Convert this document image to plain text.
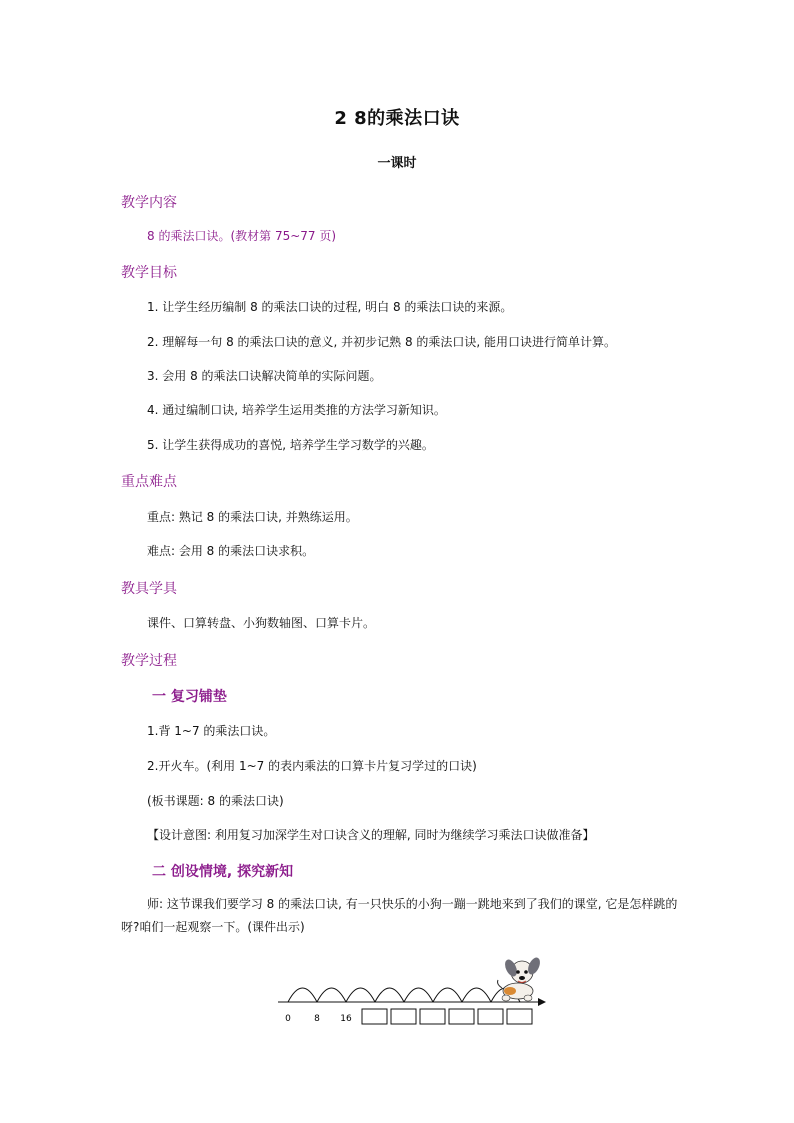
2 8的乘法口诀
一课时
教学内容
8 的乘法口诀。(教材第 75~77 页)
教学目标
1. 让学生经历编制 8 的乘法口诀的过程, 明白 8 的乘法口诀的来源。
2. 理解每一句 8 的乘法口诀的意义, 并初步记熟 8 的乘法口诀, 能用口诀进行简单计算。
3. 会用 8 的乘法口诀解决简单的实际问题。
4. 通过编制口诀, 培养学生运用类推的方法学习新知识。
5. 让学生获得成功的喜悦, 培养学生学习数学的兴趣。
重点难点
重点: 熟记 8 的乘法口诀, 并熟练运用。
难点: 会用 8 的乘法口诀求积。
教具学具
课件、口算转盘、小狗数轴图、口算卡片。
教学过程
一 复习铺垫
1.背 1~7 的乘法口诀。
2.开火车。(利用 1~7 的表内乘法的口算卡片复习学过的口诀)
(板书课题: 8 的乘法口诀)
【设计意图: 利用复习加深学生对口诀含义的理解, 同时为继续学习乘法口诀做准备】
二 创设情境, 探究新知
师: 这节课我们要学习 8 的乘法口诀, 有一只快乐的小狗一蹦一跳地来到了我们的课堂, 它是怎样跳的呀?咱们一起观察一下。(课件出示)
0	8 16
